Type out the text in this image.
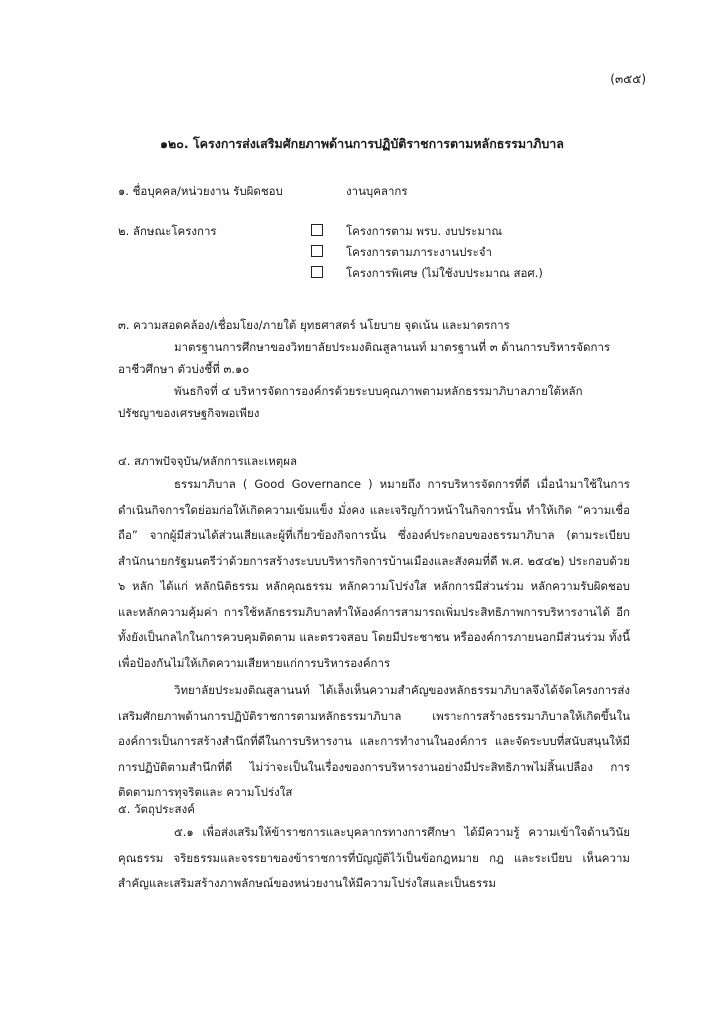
(๓๕๕)
๑๒๐. โครงการส่งเสริมศักยภาพด้านการปฏิบัติราชการตามหลักธรรมาภิบาล
๑. ชื่อบุคคล/หน่วยงาน รับผิดชอบ	งานบุคลากร
๒. ลักษณะโครงการ	โครงการตาม พรบ. งบประมาณ
โครงการตามภาระงานประจำ
โครงการพิเศษ (ไม่ใช้งบประมาณ สอศ.)
๓. ความสอดคล้อง/เชื่อมโยง/ภายใต้ ยุทธศาสตร์ นโยบาย จุดเน้น และมาตรการ
มาตรฐานการศึกษาของวิทยาลัยประมงติณสูลานนท์ มาตรฐานที่ ๓ ด้านการบริหารจัดการ
อาชีวศึกษา ตัวบ่งชี้ที่ ๓.๑๐
พันธกิจที่ ๔ บริหารจัดการองค์กรด้วยระบบคุณภาพตามหลักธรรมาภิบาลภายใต้หลัก
ปรัชญาของเศรษฐกิจพอเพียง
๔. สภาพปัจจุบัน/หลักการและเหตุผล
ธรรมาภิบาล ( Good Governance ) หมายถึง การบริหารจัดการที่ดี เมื่อนำมาใช้ในการดำเนินกิจการใดย่อมก่อให้เกิดความเข้มแข็ง มั่งคง และเจริญก้าวหน้าในกิจการนั้น ทำให้เกิด “ความเชื่อถือ” จากผู้มีส่วนได้ส่วนเสียและผู้ที่เกี่ยวข้องกิจการนั้น ซึ่งองค์ประกอบของธรรมาภิบาล (ตามระเบียบสำนักนายกรัฐมนตรีว่าด้วยการสร้างระบบบริหารกิจการบ้านเมืองและสังคมที่ดี พ.ศ. ๒๕๔๒) ประกอบด้วย ๖ หลัก ได้แก่ หลักนิติธรรม หลักคุณธรรม หลักความโปร่งใส หลักการมีส่วนร่วม หลักความรับผิดชอบ และหลักความคุ้มค่า การใช้หลักธรรมภิบาลทำให้องค์การสามารถเพิ่มประสิทธิภาพการบริหารงานได้ อีกทั้งยังเป็นกลไกในการควบคุมติดตาม และตรวจสอบ โดยมีประชาชน หรือองค์การภายนอกมีส่วนร่วม ทั้งนี้เพื่อป้องกันไม่ให้เกิดความเสียหายแก่การบริหารองค์การ
วิทยาลัยประมงติณสูลานนท์ ได้เล็งเห็นความสำคัญของหลักธรรมาภิบาลจึงได้จัดโครงการส่งเสริมศักยภาพด้านการปฏิบัติราชการตามหลักธรรมาภิบาล เพราะการสร้างธรรมาภิบาลให้เกิดขึ้นในองค์การเป็นการสร้างสำนึกที่ดีในการบริหารงาน และการทำงานในองค์การ และจัดระบบที่สนับสนุนให้มีการปฏิบัติตามสำนึกที่ดี ไม่ว่าจะเป็นในเรื่องของการบริหารงานอย่างมีประสิทธิภาพไม่สิ้นเปลือง การติดตามการทุจริตและ ความโปร่งใส
๕. วัตถุประสงค์
๕.๑ เพื่อส่งเสริมให้ข้าราชการและบุคลากรทางการศึกษา ได้มีความรู้ ความเข้าใจด้านวินัย คุณธรรม จริยธรรมและจรรยาของข้าราชการที่บัญญัติไว้เป็นข้อกฎหมาย กฎ และระเบียบ เห็นความสำคัญและเสริมสร้างภาพลักษณ์ของหน่วยงานให้มีความโปร่งใสและเป็นธรรม
